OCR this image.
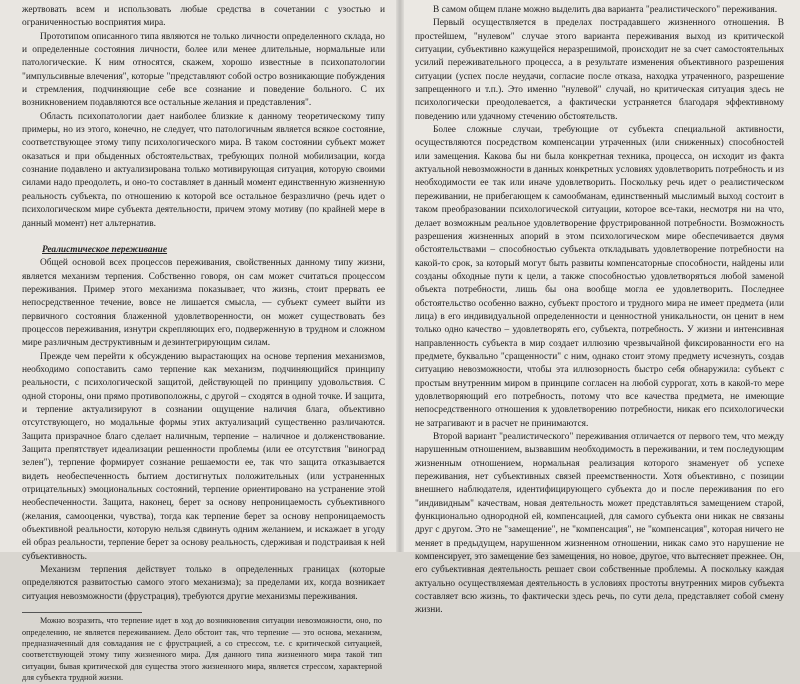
жертвовать всем и использовать любые средства в сочетании с узостью и ограниченностью восприятия мира.

Прототипом описанного типа являются не только личности определенного склада, но и определенные состояния личности, более или менее длительные, нормальные или патологические. К ним относятся, скажем, хорошо известные в психопатологии "импульсивные влечения", которые "представляют собой остро возникающие побуждения и стремления, подчиняющие себе все сознание и поведение больного. С их возникновением подавляются все остальные желания и представления".

Область психопатологии дает наиболее близкие к данному теоретическому типу примеры, но из этого, конечно, не следует, что патологичным является всякое состояние, соответствующее этому типу психологического мира. В таком состоянии субъект может оказаться и при обыденных обстоятельствах, требующих полной мобилизации, когда сознание подавлено и актуализирована только мотивирующая ситуация, которую своими силами надо преодолеть, и оно-то составляет в данный момент единственную жизненную реальность субъекта, по отношению к которой все остальное безразлично (речь идет о психологическом мире субъекта деятельности, причем этому мотиву (по крайней мере в данный момент) нет альтернатив.

Реалистическое переживание

Общей основой всех процессов переживания, свойственных данному типу жизни, является механизм терпения. Собственно говоря, он сам может считаться процессом переживания. Пример этого механизма показывает, что жизнь, стоит прервать ее непосредственное течение, вовсе не лишается смысла, — субъект сумеет выйти из первичного состояния блаженной удовлетворенности, он может существовать без процессов переживания, изнутри скрепляющих его, подверженную в трудном и сложном мире различным деструктивным и дезинтегрирующим силам.

Прежде чем перейти к обсуждению вырастающих на основе терпения механизмов, необходимо сопоставить само терпение как механизм, подчиняющийся принципу реальности, с психологической защитой, действующей по принципу удовольствия. С одной стороны, они прямо противоположны, с другой – сходятся в одной точке. И защита, и терпение актуализируют в сознании ощущение наличия блага, объективно отсутствующего, но модальные формы этих актуализаций существенно различаются. Защита призрачное благо сделает наличным, терпение – наличное и долженствование. Защита препятствует идеализации решенности проблемы (или ее отсутствия "виноград зелен"), терпение формирует сознание решаемости ее, так что защита отказывается видеть необеспеченность бытием достигнутых положительных (или устраненных отрицательных) эмоциональных состояний, терпение ориентировано на устранение этой необеспеченности. Защита, наконец, берет за основу непроницаемость субъективного (желания, самооценки, чувства), тогда как терпение берет за основу непроницаемость объективной реальности, которую нельзя сдвинуть одним желанием, и искажает в угоду ей образ реальности, терпение берет за основу реальность, сдерживая и подстраивая к ней субъективность.

Механизм терпения действует только в определенных границах (которые определяются развитостью самого этого механизма); за пределами их, когда возникает ситуация невозможности (фрустрация), требуются другие механизмы переживания.

Можно возразить, что терпение идет в ход до возникновения ситуации невозможности, оно, по определению, не является переживанием. Дело обстоит так, что терпение — это основа, механизм, предназначенный для совладания не с фрустрацией, а со стрессом, т.е. с критической ситуацией, соответствующей этому типу жизненного мира. Для данного типа жизненного мира такой тип ситуации, бывая критической для существа этого жизненного мира, является стрессом, характерной для субъекта трудной жизни.

В самом общем плане можно выделить два варианта "реалистического" переживания.

Первый осуществляется в пределах пострадавшего жизненного отношения. В простейшем, "нулевом" случае этого варианта переживания выход из критической ситуации, субъективно кажущейся неразрешимой, происходит не за счет самостоятельных усилий переживательного процесса, а в результате изменения объективного разрешения ситуации (успех после неудачи, согласие после отказа, находка утраченного, разрешение запрещенного и т.п.). Это именно "нулевой" случай, но критическая ситуация здесь не психологически преодолевается, а фактически устраняется благодаря эффективному поведению или удачному стечению обстоятельств.

Более сложные случаи, требующие от субъекта специальной активности, осуществляются посредством компенсации утраченных (или сниженных) способностей или замещения. Какова бы ни была конкретная техника, процесса, он исходит из факта актуальной невозможности в данных конкретных условиях удовлетворить потребность и из необходимости ее так или иначе удовлетворить. Поскольку речь идет о реалистическом переживании, не прибегающем к самообманам, единственный мыслимый выход состоит в таком преобразовании психологической ситуации, которое все-таки, несмотря ни на что, делает возможным реальное удовлетворение фрустрированной потребности. Возможность разрешения жизненных апорий в этом психологическом мире обеспечивается двумя обстоятельствами – способностью субъекта откладывать удовлетворение потребности на какой-то срок, за который могут быть развиты компенсаторные способности, найдены или созданы обходные пути к цели, а также способностью удовлетворяться любой заменой объекта потребности, лишь бы она вообще могла ее удовлетворить. Последнее обстоятельство особенно важно, субъект простого и трудного мира не имеет предмета (или лица) в его индивидуальной определенности и ценностной уникальности, он ценит в нем только одно качество – удовлетворять его, субъекта, потребность. У жизни и интенсивная направленность субъекта в мир создает иллюзию чрезвычайной фиксированности его на предмете, буквально "сращенности" с ним, однако стоит этому предмету исчезнуть, создав ситуацию невозможности, чтобы эта иллюзорность быстро себя обнаружила: субъект с простым внутренним миром в принципе согласен на любой суррогат, хоть в какой-то мере удовлетворяющий его потребность, потому что все качества предмета, не имеющие непосредственного отношения к удовлетворению потребности, никак его психологически не затрагивают и в расчет не принимаются.

Второй вариант "реалистического" переживания отличается от первого тем, что между нарушенным отношением, вызвавшим необходимость в переживании, и тем последующим жизненным отношением, нормальная реализация которого знаменует об успехе переживания, нет субъективных связей преемственности. Хотя объективно, с позиции внешнего наблюдателя, идентифицирующего субъекта до и после переживания по его "индивидным" качествам, новая деятельность может представляться замещением старой, функционально однородной ей, компенсацией, для самого субъекта они никак не связаны друг с другом. Это не "замещение", не "компенсация", не "компенсация", которая ничего не меняет в предыдущем, нарушенном жизненном отношении, никак само это нарушение не компенсирует, это замещение без замещения, но новое, другое, что вытесняет прежнее. Он, его субъективная деятельность решает свои собственные проблемы. А поскольку каждая актуально осуществляемая деятельность в условиях простоты внутренних миров субъекта составляет всю жизнь, то фактически здесь речь, по сути дела, представляет собой смену жизни.
